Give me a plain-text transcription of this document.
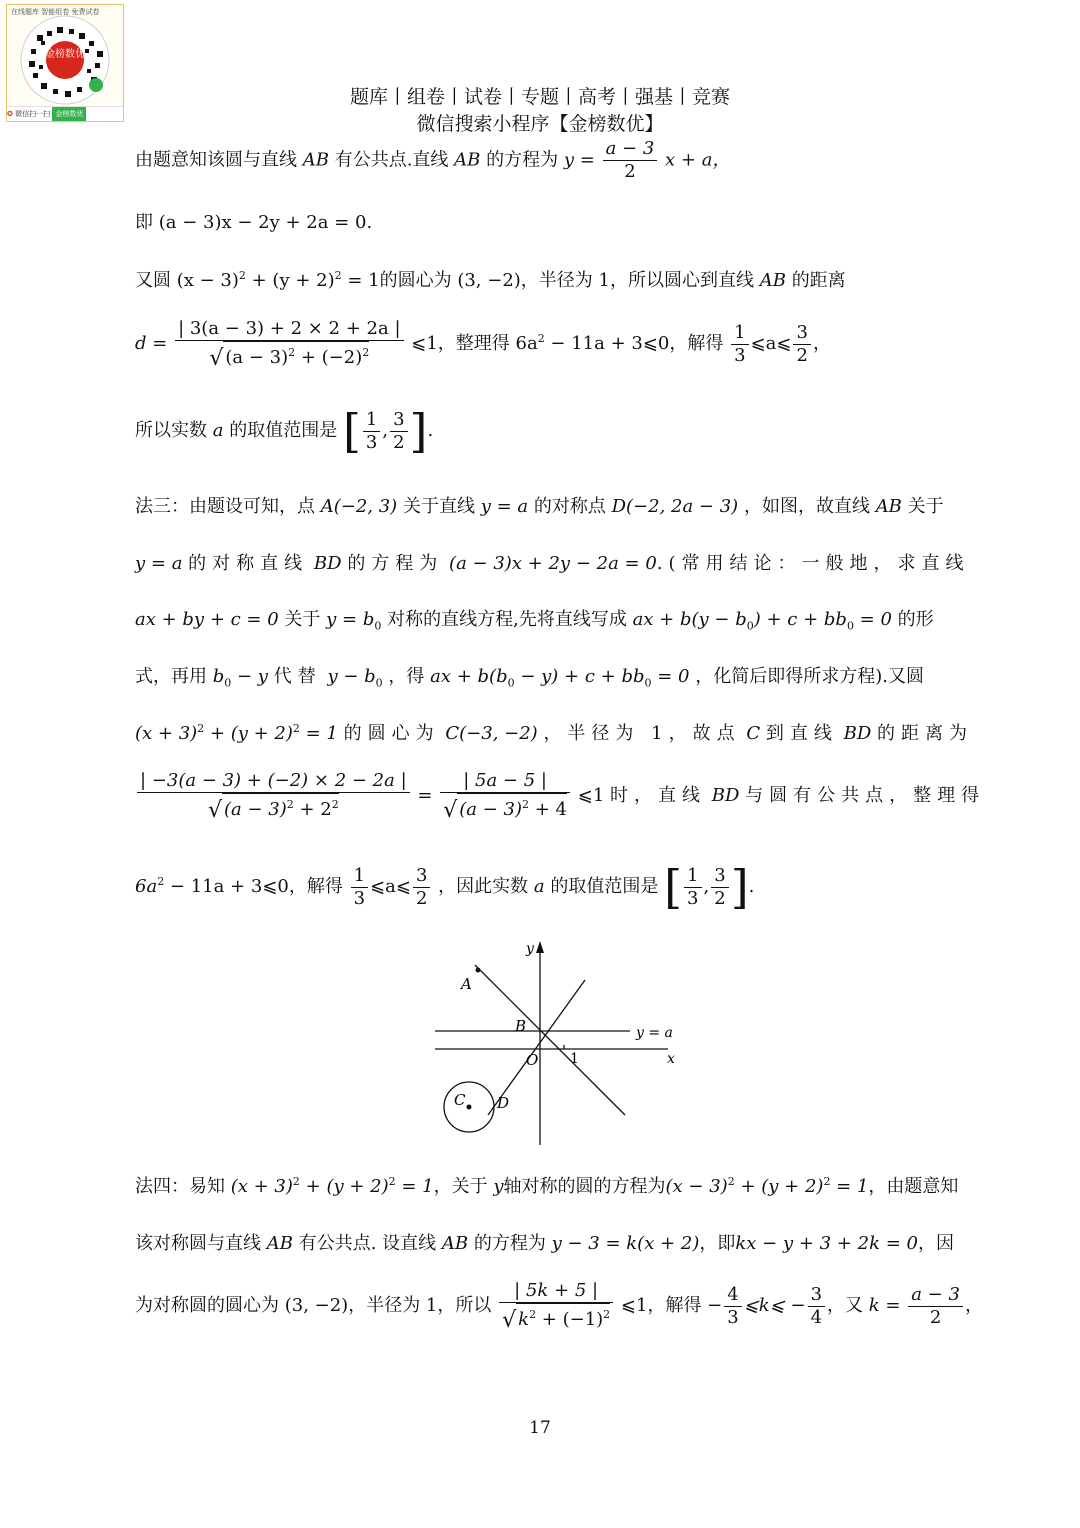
金榜数优
在线题库 智能组卷 免费试卷
✪ 微信扫一扫 金榜数优
题库丨组卷丨试卷丨专题丨高考丨强基丨竞赛
微信搜索小程序【金榜数优】
由题意知该圆与直线 AB 有公共点.直线 AB 的方程为 $y = \frac{a - 3}{2}$ x + a，
即 (a − 3)x − 2y + 2a = 0.
又圆 $(x - 3)^2 + (y + 2)^2 = 1$的圆心为 (3, −2)，半径为 1，所以圆心到直线 AB 的距离
$d = \frac{| 3(a - 3) + 2 \times 2 + 2a |}{√ (a - 3)^2 + (-2)^2}$ ⩽1，整理得 $6a^2 - 11a$ + 3⩽0，解得 $\frac{1}{3}$ ⩽a⩽ $\frac{3}{2}$ ，
所以实数 a 的取值范围是 [ $\frac{1}{3}$ , $\frac{3}{2}$ ].
法三：由题设可知，点 A(−2, 3) 关于直线 y = a 的对称点 D(−2, 2a − 3) ，如图，故直线 AB 关于
y = a 的对称直线 BD 的方程为 (a − 3)x + 2y − 2a = 0.(常用结论：一般地，求直线
ax + by + c = 0 关于 $y = b_0$ 对称的直线方程,先将直线写成 ax + $b(y - b_0) + c + bb_0 = 0$ 的形
式，再用 $b_0 - y$ 代替 $y - b_0$ ，得 ax + $b(b_0 - y) + c + bb_0 = 0$ ，化简后即得所求方程).又圆
$(x + 3)^2 + (y + 2)^2 = 1$ 的圆心为 C(−3, −2) ，半径为 1，故点 C 到直线 BD 的距离为
$\frac{| -3(a - 3) + (-2) \times 2 - 2a |}{√ (a - 3)^2 + 2^2} = \frac{| 5a - 5 |}{√ (a - 3)^2 + 4}$ ⩽1 时，直线 BD 与圆有公共点，整理得
$6a^2 - 11a$ + 3⩽0，解得 $\frac{1}{3}$ ⩽a⩽ $\frac{3}{2}$ ，因此实数 a 的取值范围是 [ $\frac{1}{3}$ , $\frac{3}{2}$ ].
y
x
A
B
O 1
y = a
C D
法四：易知 $(x + 3)^2 + (y + 2)^2 = 1$，关于 y轴对称的圆的方程为$(x - 3)^2 + (y + 2)^2 = 1$，由题意知
该对称圆与直线 AB 有公共点. 设直线 AB 的方程为 y − 3 = k(x + 2)，即kx − y + 3 + 2k = 0，因
为对称圆的圆心为 (3, −2)，半径为 1，所以 $\frac{| 5k + 5 |}{√ k^2 + (-1)^2}$ ⩽1，解得 − $\frac{4}{3}$ ⩽k⩽ − $\frac{3}{4}$ ，又 $k = \frac{a - 3}{2}$ ，
17
